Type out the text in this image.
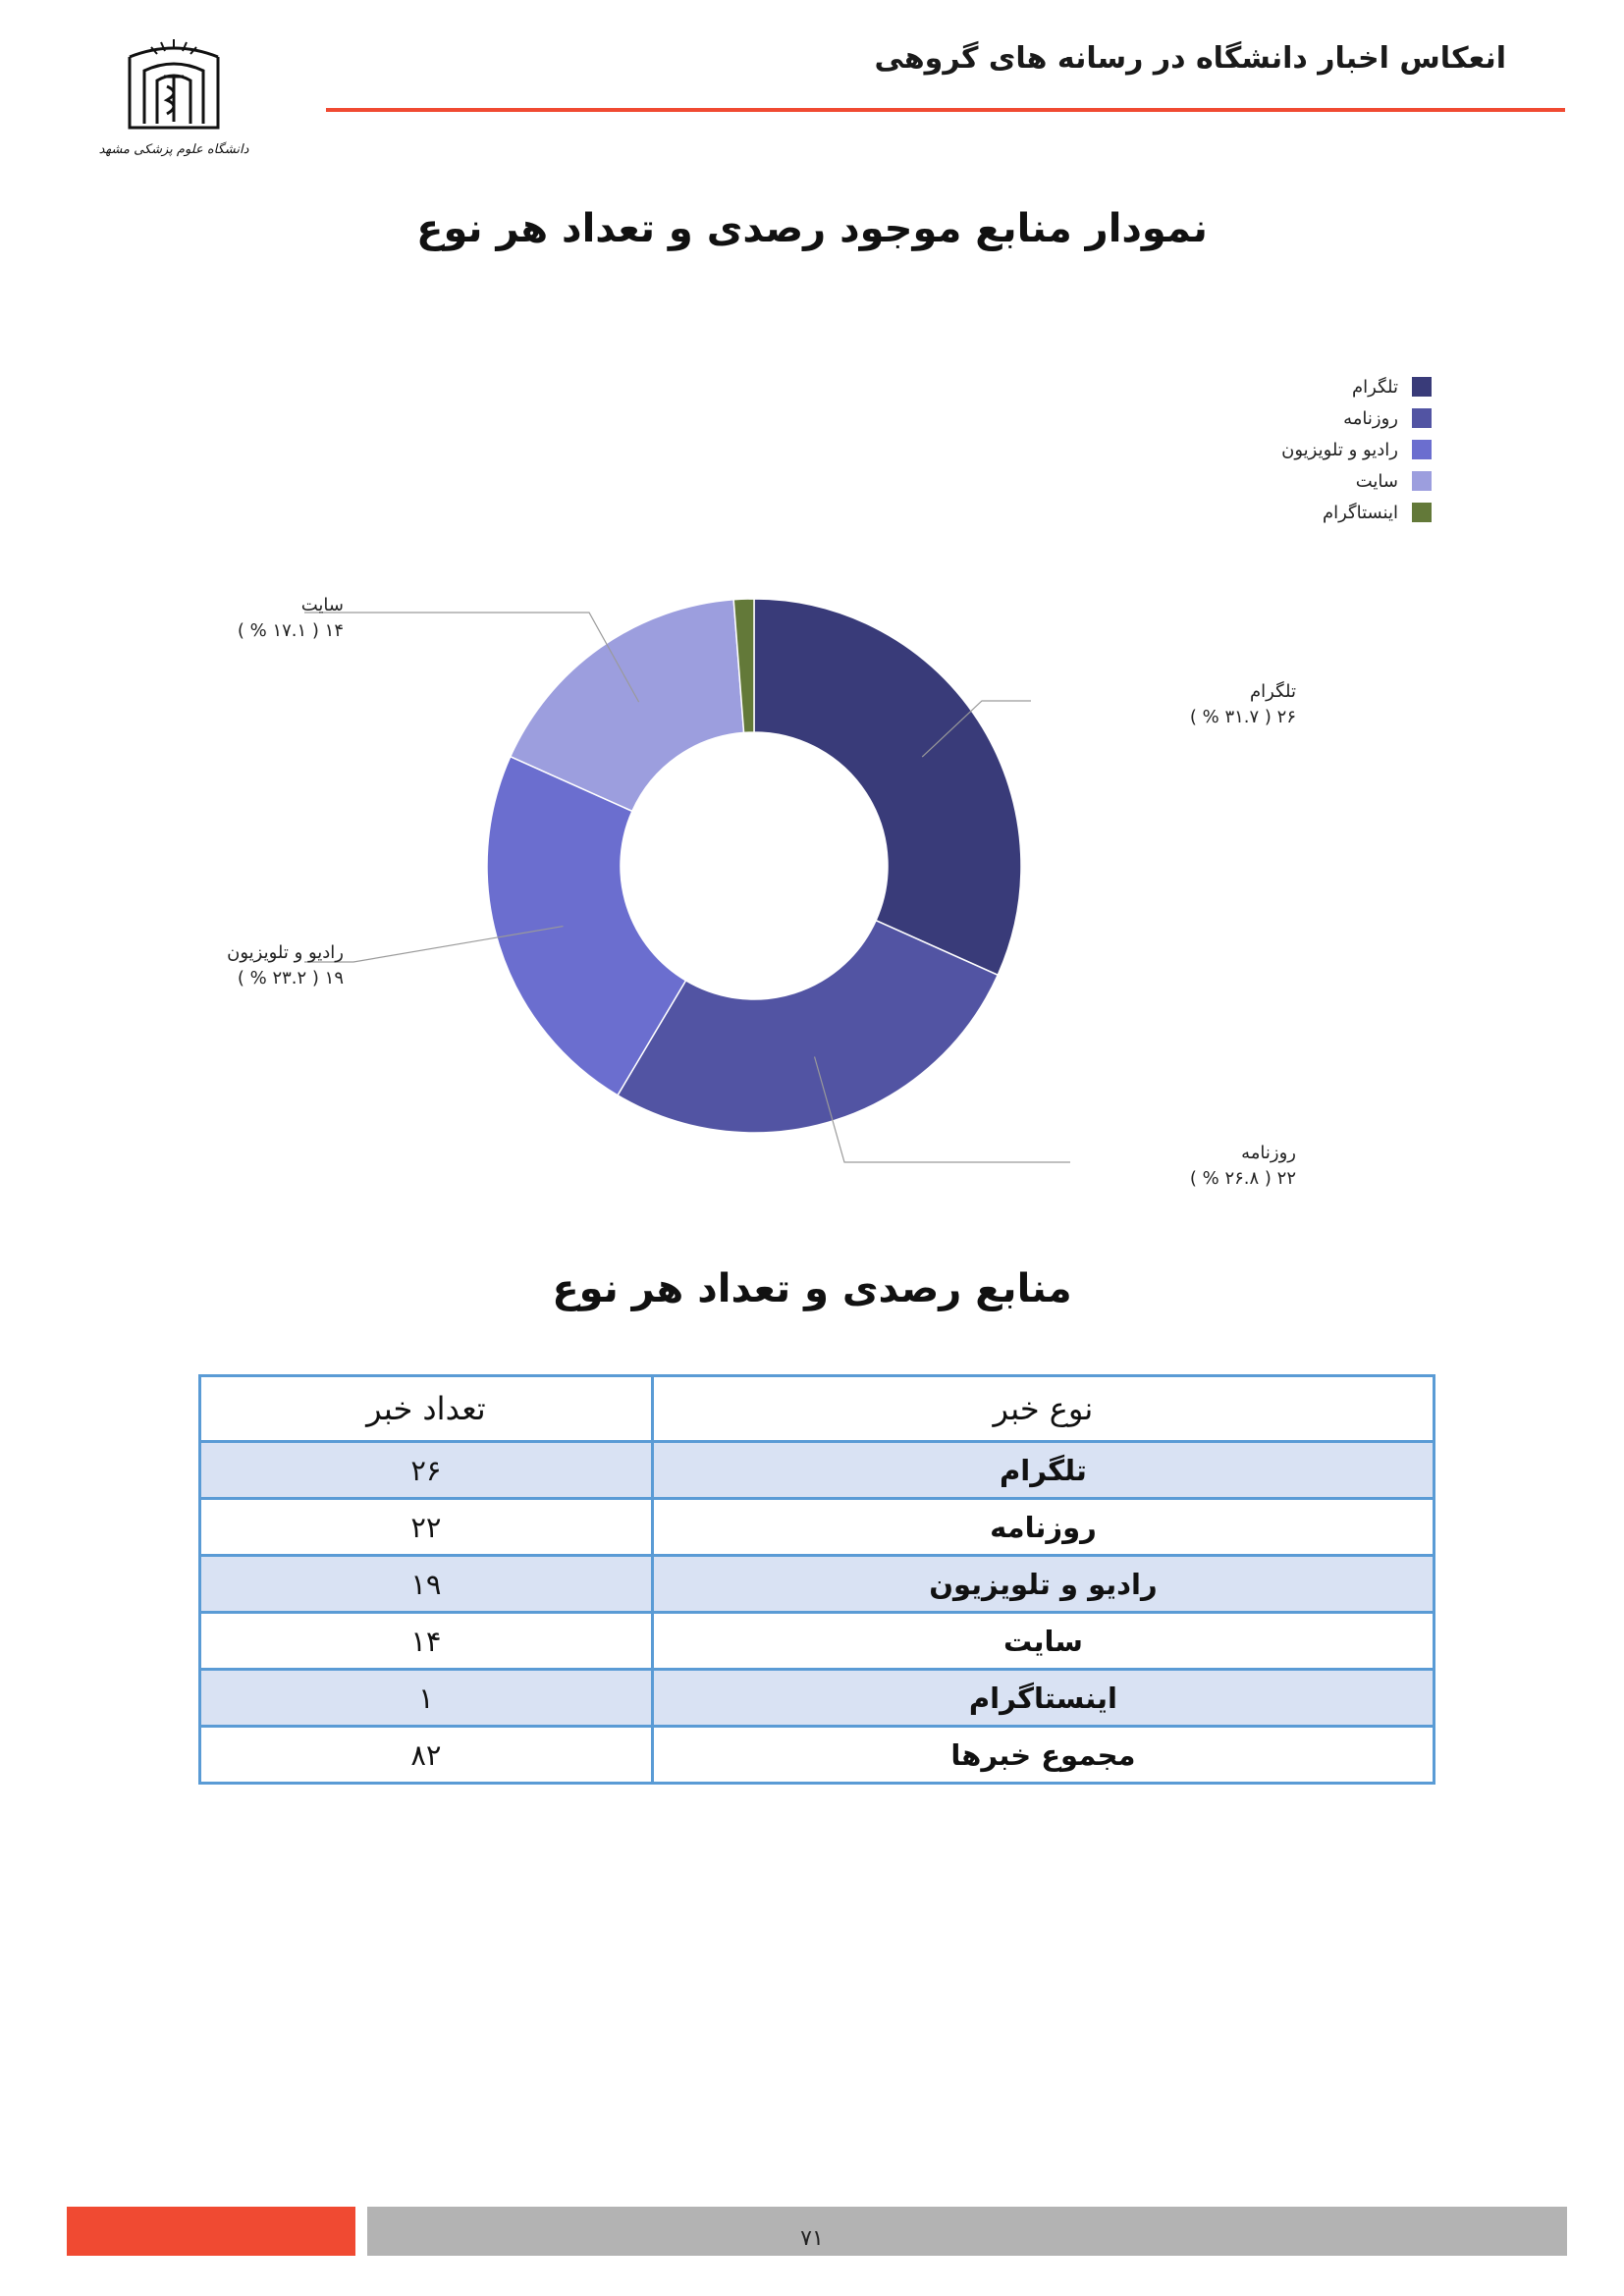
انعکاس اخبار دانشگاه در رسانه های گروهی
دانشگاه علوم پزشکی مشهد
نمودار منابع موجود رصدی و تعداد هر نوع
تلگرام
روزنامه
رادیو و تلویزیون
سایت
اینستاگرام
تلگرام
۲۶ ( ۳۱.۷ % )
روزنامه
۲۲ ( ۲۶.۸ % )
رادیو و تلویزیون
۱۹ ( ۲۳.۲ % )
سایت
۱۴ ( ۱۷.۱ % )
منابع رصدی و تعداد هر نوع
نوع خبر	تعداد خبر
تلگرام	۲۶
روزنامه	۲۲
رادیو و تلویزیون	۱۹
سایت	۱۴
اینستاگرام	۱
مجموع خبرها	۸۲
۷۱
